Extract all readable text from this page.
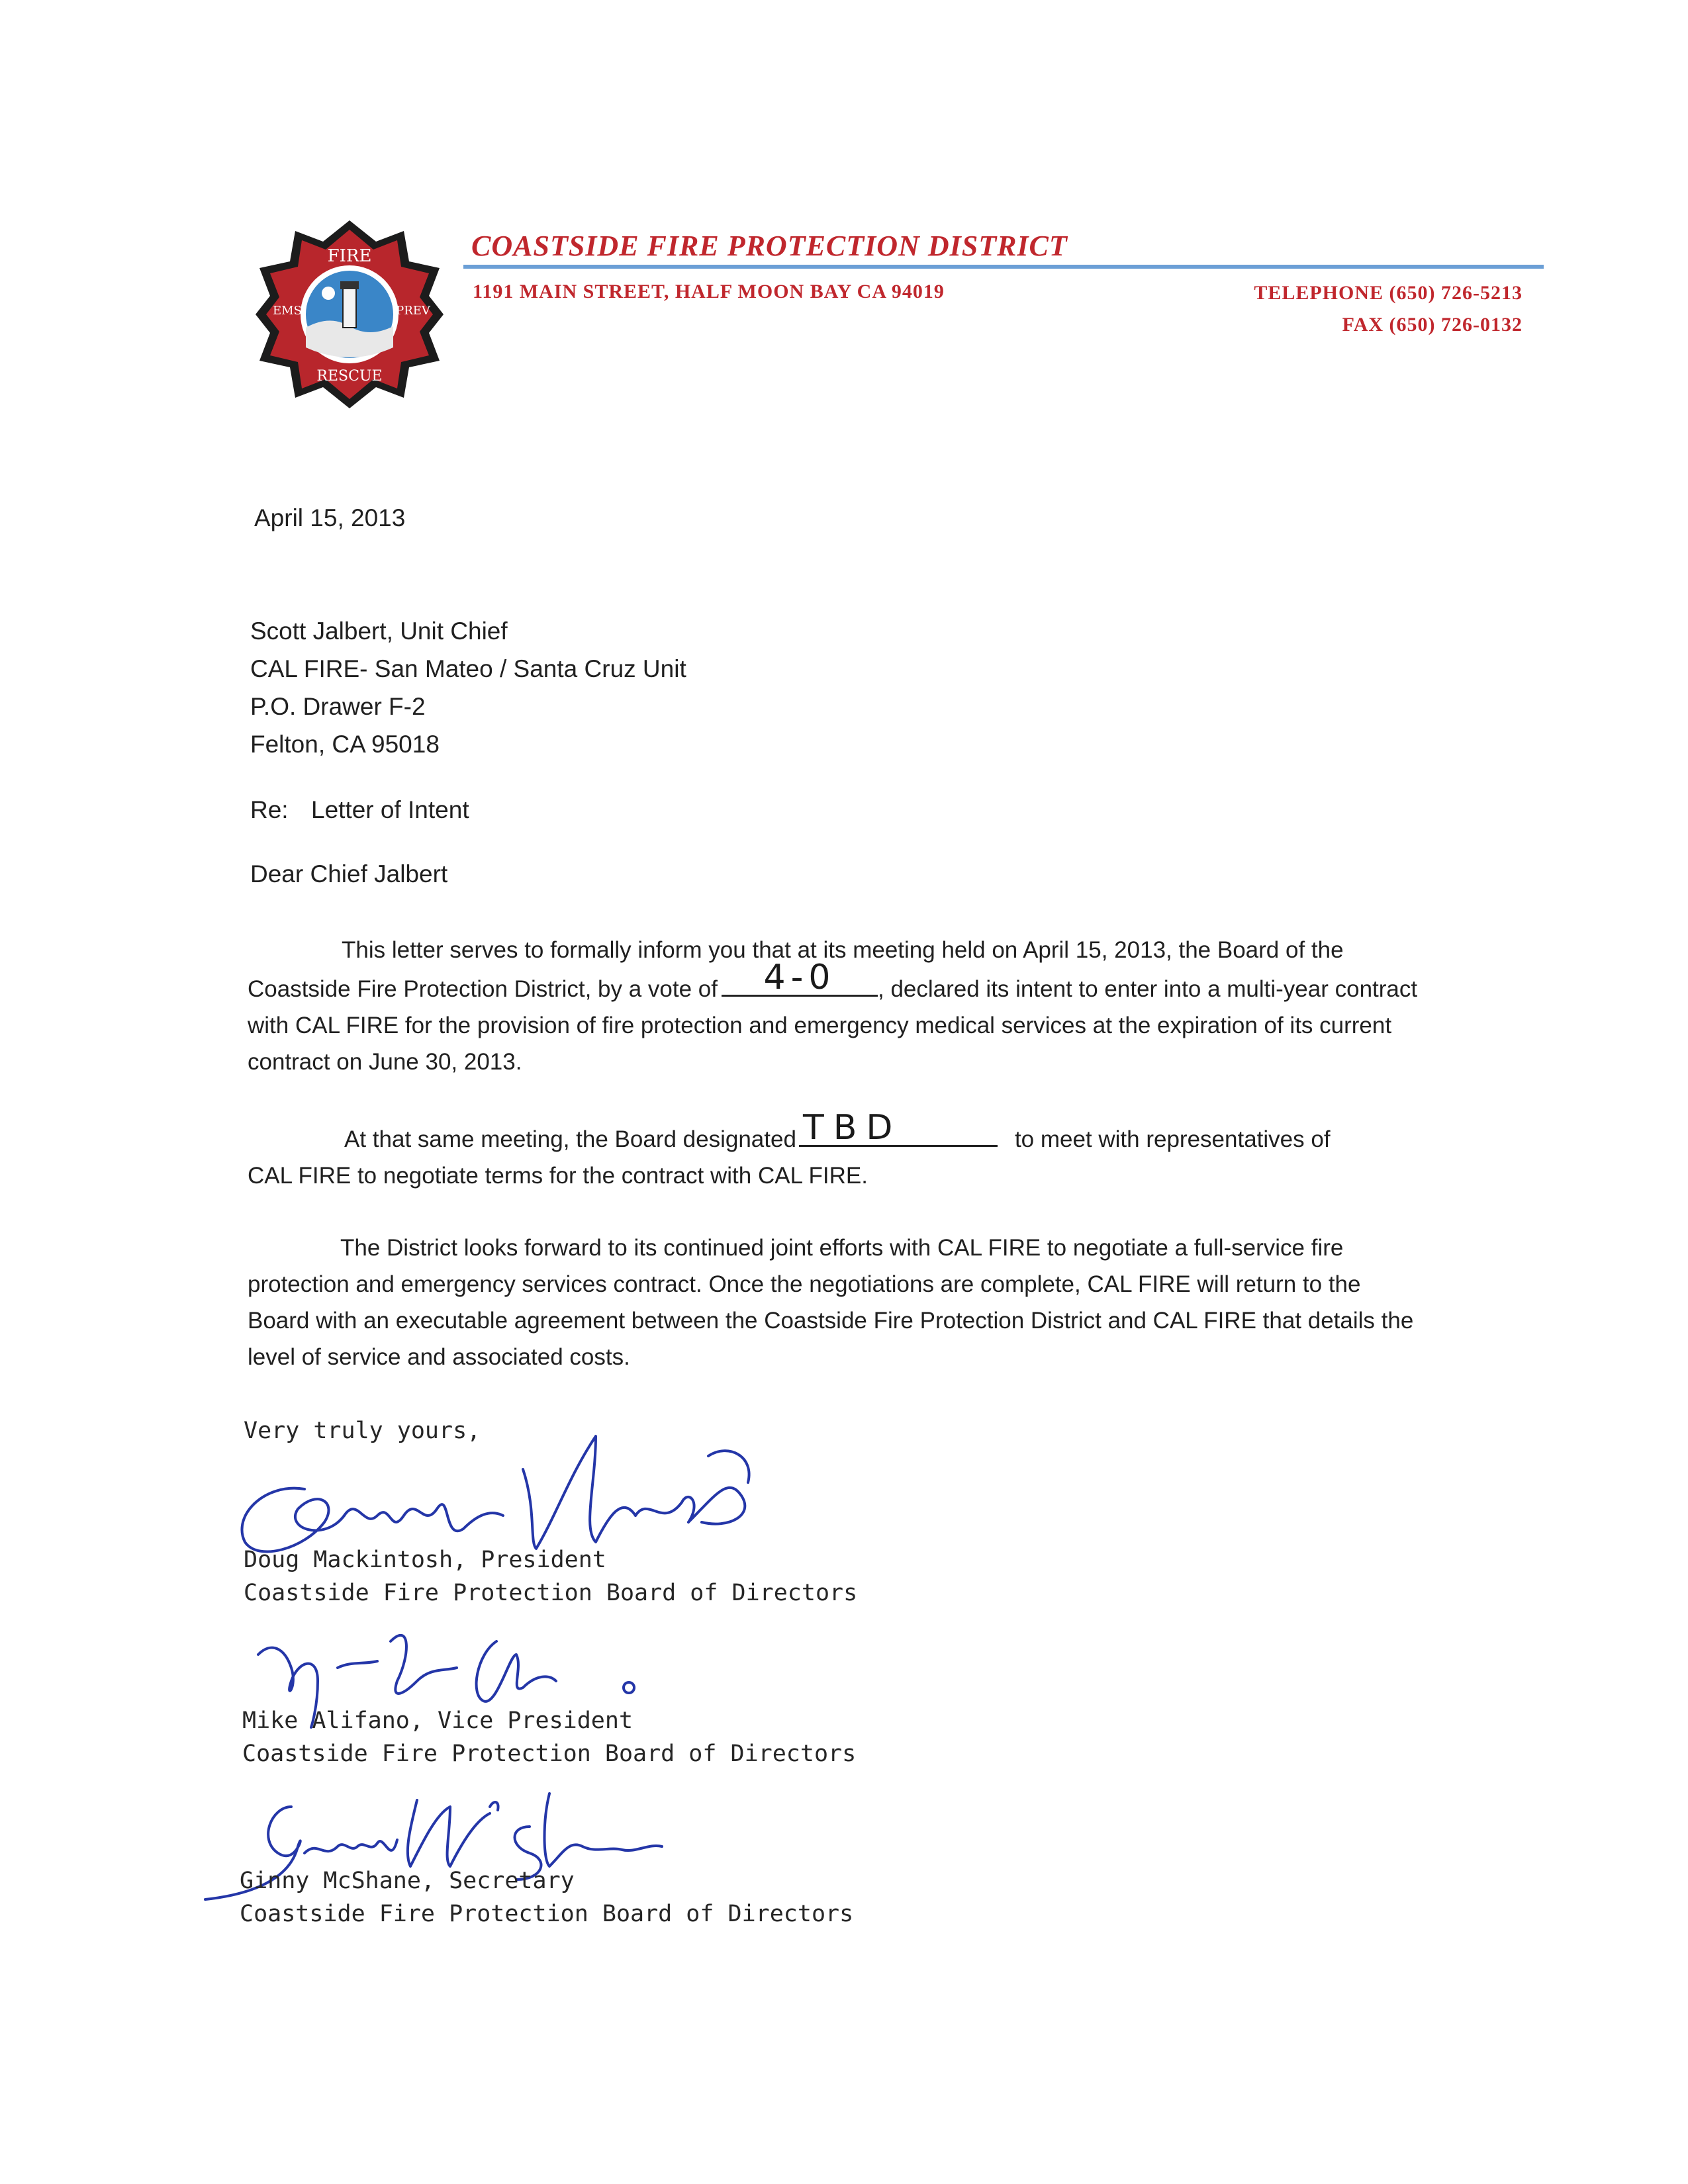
FIRE
RESCUE
EMS	PREV
COASTSIDE FIRE PROTECTION DISTRICT
1191 MAIN STREET, HALF MOON BAY CA 94019	TELEPHONE (650) 726-5213
FAX (650) 726-0132
April 15, 2013
Scott Jalbert, Unit Chief
CAL FIRE- San Mateo / Santa Cruz Unit
P.O. Drawer F-2
Felton, CA 95018
Re: Letter of Intent
Dear Chief Jalbert

This letter serves to formally inform you that at its meeting held on April 15, 2013, the Board of the

Coastside Fire Protection District, by a vote of	4-0	, declared its intent to enter into a multi-year contract

with CAL FIRE for the provision of fire protection and emergency medical services at the expiration of its current

contract on June 30, 2013.

At that same meeting, the Board designated TBD	to meet with representatives of

CAL FIRE to negotiate terms for the contract with CAL FIRE.

The District looks forward to its continued joint efforts with CAL FIRE to negotiate a full-service fire

protection and emergency services contract. Once the negotiations are complete, CAL FIRE will return to the

Board with an executable agreement between the Coastside Fire Protection District and CAL FIRE that details the

level of service and associated costs.

Very truly yours,
Doug Mackintosh, President
Coastside Fire Protection Board of Directors
Mike Alifano, Vice President
Coastside Fire Protection Board of Directors
Ginny McShane, Secretary
Coastside Fire Protection Board of Directors
